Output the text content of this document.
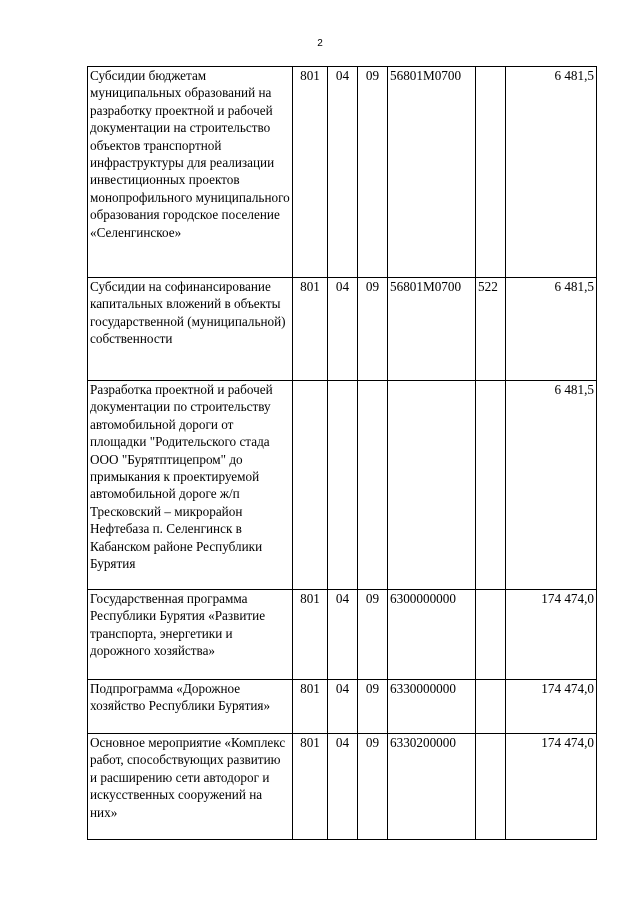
2
Субсидии бюджетам муниципальных образований на разработку проектной и рабочей документации на строительство объектов транспортной инфраструктуры для реализации инвестиционных проектов монопрофильного муниципального образования городское поселение «Селенгинское»	801	04	09	56801M0700		6 481,5
Субсидии на софинансирование капитальных вложений в объекты государственной (муниципальной) собственности	801	04	09	56801M0700	522	6 481,5
Разработка проектной и рабочей документации по строительству автомобильной дороги от площадки "Родительского стада ООО "Бурятптицепром" до примыкания к проектируемой автомобильной дороге ж/п Тресковский – микрорайон Нефтебаза п. Селенгинск в Кабанском районе Республики Бурятия						6 481,5
Государственная программа Республики Бурятия «Развитие транспорта, энергетики и дорожного хозяйства»	801	04	09	6300000000		174 474,0
Подпрограмма «Дорожное хозяйство Республики Бурятия»	801	04	09	6330000000		174 474,0
Основное мероприятие «Комплекс работ, способствующих развитию и расширению сети автодорог и искусственных сооружений на них»	801	04	09	6330200000		174 474,0
